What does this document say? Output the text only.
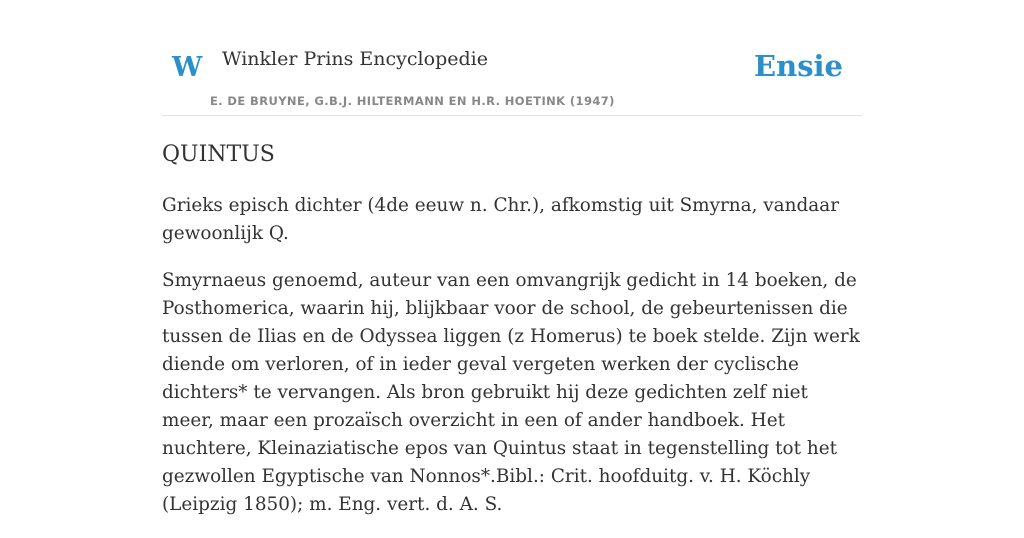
W Winkler Prins Encyclopedie
E. DE BRUYNE, G.B.J. HILTERMANN EN H.R. HOETINK (1947)
Ensie
QUINTUS

Grieks episch dichter (4de eeuw n. Chr.), afkomstig uit Smyrna, vandaar gewoonlijk Q.

Smyrnaeus genoemd, auteur van een omvangrijk gedicht in 14 boeken, de Posthomerica, waarin hij, blijkbaar voor de school, de gebeurtenissen die tussen de Ilias en de Odyssea liggen (z Homerus) te boek stelde. Zijn werk diende om verloren, of in ieder geval vergeten werken der cyclische dichters* te vervangen. Als bron gebruikt hij deze gedichten zelf niet meer, maar een prozaïsch overzicht in een of ander handboek. Het nuchtere, Kleinaziatische epos van Quintus staat in tegenstelling tot het gezwollen Egyptische van Nonnos*.Bibl.: Crit. hoofduitg. v. H. Köchly (Leipzig 1850); m. Eng. vert. d. A. S.
